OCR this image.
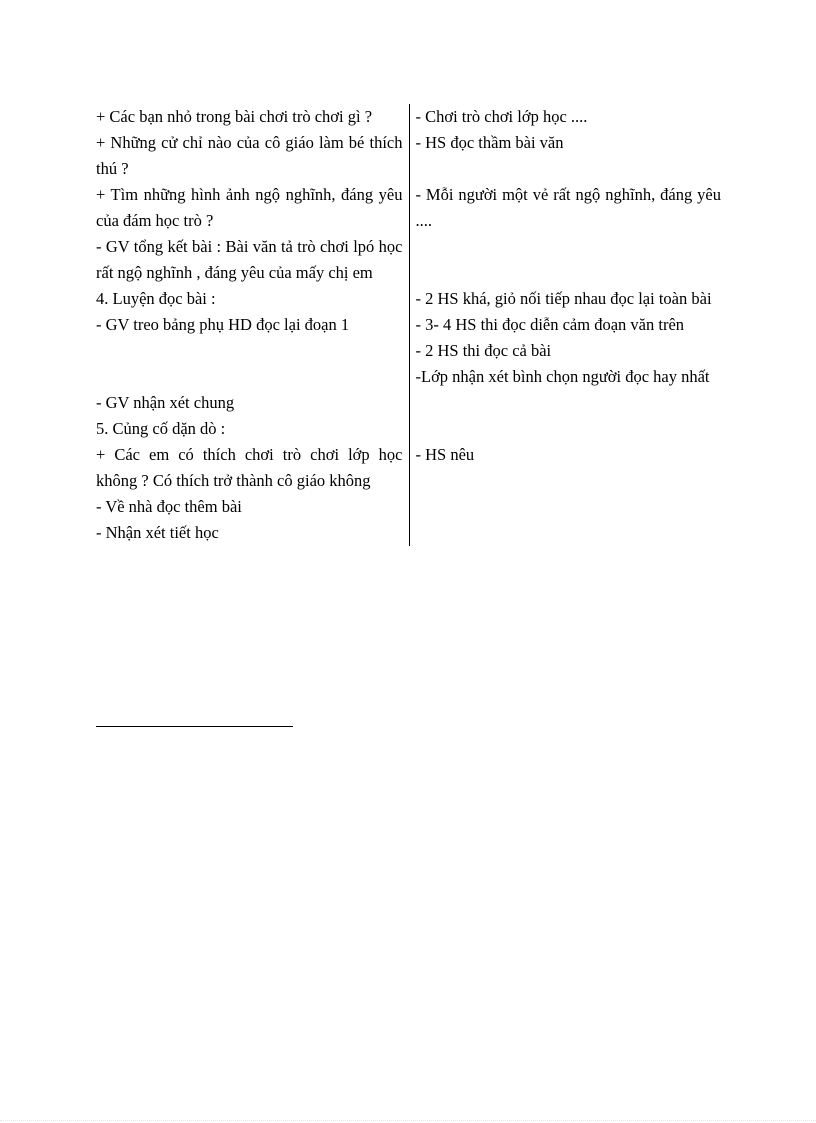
+ Các bạn nhỏ trong bài chơi trò chơi gì ?	- Chơi trò chơi lớp học ....

+ Những cử chỉ nào của cô giáo làm bé thích thú ?	- HS đọc thầm bài văn

+ Tìm những hình ảnh ngộ nghĩnh, đáng yêu của đám học trò ?	- Mỗi người một vẻ rất ngộ nghĩnh, đáng yêu ....

- GV tổng kết bài : Bài văn tả trò chơi lpó học rất ngộ nghĩnh , đáng yêu của mấy chị em	

4. Luyện đọc bài :	- 2 HS khá, giỏ nối tiếp nhau đọc lại toàn bài

- GV treo bảng phụ HD đọc lại đoạn 1	- 3- 4 HS thi đọc diễn cảm đoạn văn trên

	- 2 HS thi đọc cả bài

	-Lớp nhận xét bình chọn người đọc hay nhất

- GV nhận xét chung	

5. Củng cố dặn dò :	

+ Các em có thích chơi trò chơi lớp học không ? Có thích trở thành cô giáo không	- HS nêu

- Về nhà đọc thêm bài	

- Nhận xét tiết học	
